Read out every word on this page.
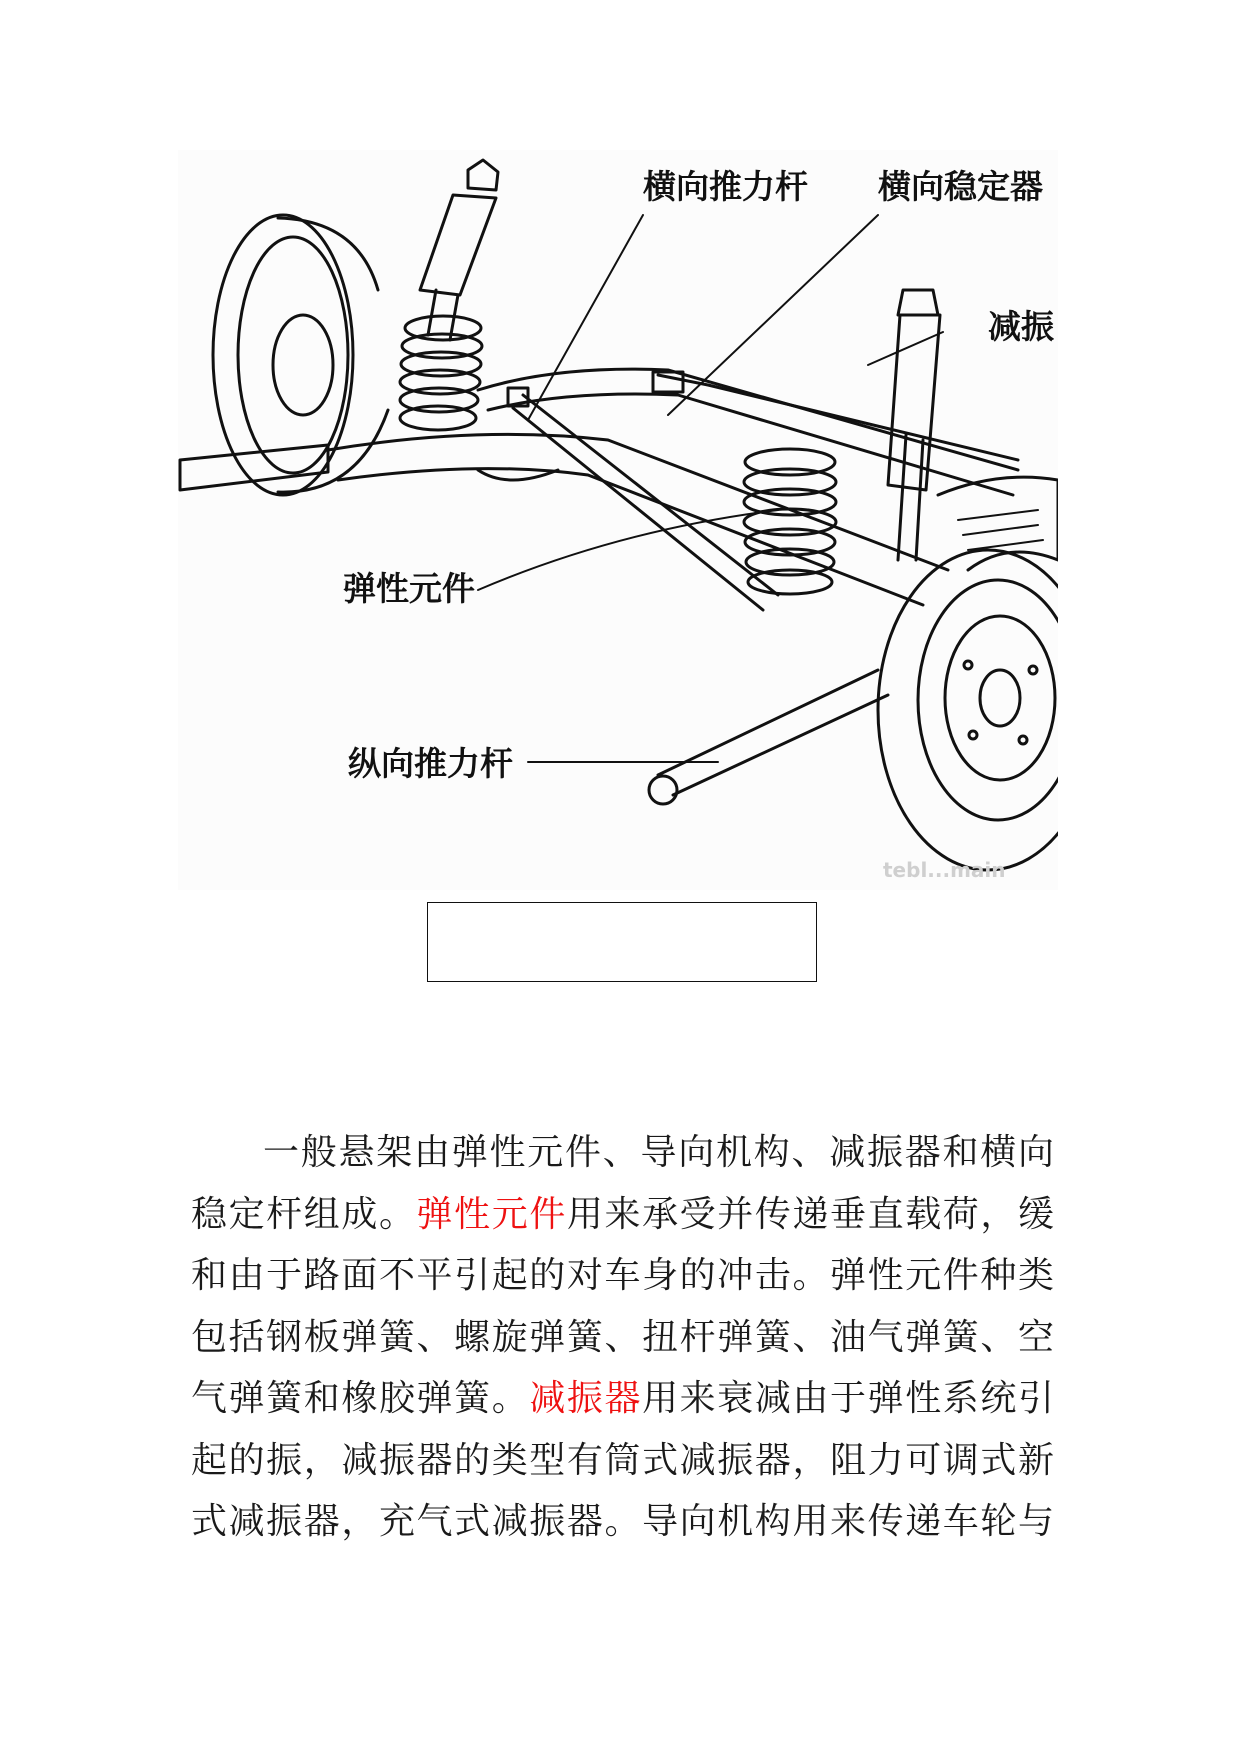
横向推力杆 横向稳定器
减振
弹性元件
纵向推力杆
tebl...main
一般悬架由弹性元件、导向机构、减振器和横向
稳定杆组成。弹性元件用来承受并传递垂直载荷，缓
和由于路面不平引起的对车身的冲击。弹性元件种类
包括钢板弹簧、螺旋弹簧、扭杆弹簧、油气弹簧、空
气弹簧和橡胶弹簧。减振器用来衰减由于弹性系统引
起的振，减振器的类型有筒式减振器，阻力可调式新
式减振器，充气式减振器。导向机构用来传递车轮与
